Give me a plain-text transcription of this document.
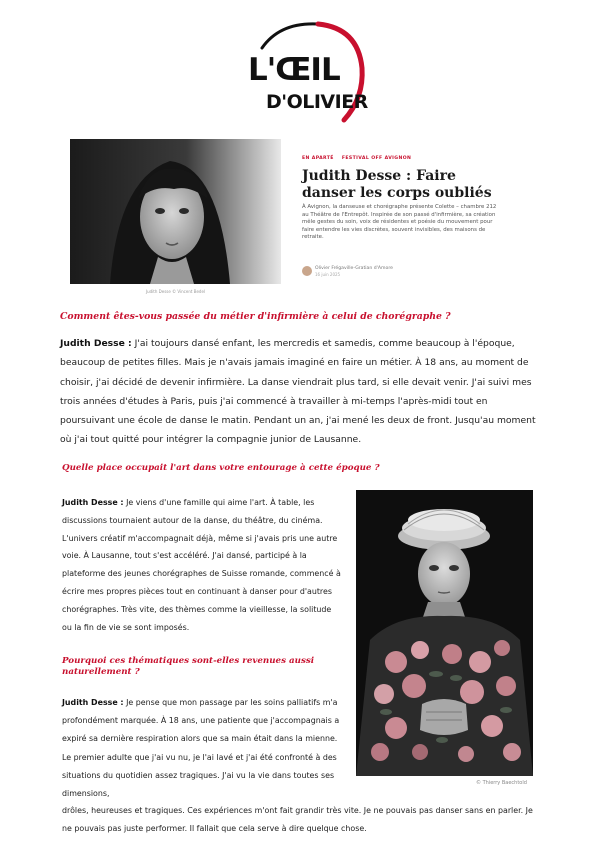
L'ŒIL
D'OLIVIER
Judith Desse © Vincent Bedel
EN APARTÉ FESTIVAL OFF AVIGNON
Judith Desse : Faire danser les corps oubliés

À Avignon, la danseuse et chorégraphe présente Colette – chambre 212 au Théâtre de l'Entrepôt. Inspirée de son passé d'infirmière, sa création mêle gestes du soin, voix de résidentes et poésie du mouvement pour faire entendre les vies discrètes, souvent invisibles, des maisons de retraite.

Olivier Frégaville-Gratian d'Amore
16 juin 2025

Comment êtes-vous passée du métier d'infirmière à celui de chorégraphe ?

Judith Desse : J'ai toujours dansé enfant, les mercredis et samedis, comme beaucoup à l'époque, beaucoup de petites filles. Mais je n'avais jamais imaginé en faire un métier. À 18 ans, au moment de choisir, j'ai décidé de devenir infirmière. La danse viendrait plus tard, si elle devait venir. J'ai suivi mes trois années d'études à Paris, puis j'ai commencé à travailler à mi-temps l'après-midi tout en poursuivant une école de danse le matin. Pendant un an, j'ai mené les deux de front. Jusqu'au moment où j'ai tout quitté pour intégrer la compagnie junior de Lausanne.

Quelle place occupait l'art dans votre entourage à cette époque ?

Judith Desse : Je viens d'une famille qui aime l'art. À table, les discussions tournaient autour de la danse, du théâtre, du cinéma. L'univers créatif m'accompagnait déjà, même si j'avais pris une autre voie. À Lausanne, tout s'est accéléré. J'ai dansé, participé à la plateforme des jeunes chorégraphes de Suisse romande, commencé à écrire mes propres pièces tout en continuant à danser pour d'autres chorégraphes. Très vite, des thèmes comme la vieillesse, la solitude ou la fin de vie se sont imposés.

Pourquoi ces thématiques sont-elles revenues aussi naturellement ?

Judith Desse : Je pense que mon passage par les soins palliatifs m'a profondément marquée. À 18 ans, une patiente que j'accompagnais a expiré sa dernière respiration alors que sa main était dans la mienne. Le premier adulte que j'ai vu nu, je l'ai lavé et j'ai été confronté à des situations du quotidien assez tragiques. J'ai vu la vie dans toutes ses dimensions,

drôles, heureuses et tragiques. Ces expériences m'ont fait grandir très vite. Je ne pouvais pas danser sans en parler. Je ne pouvais pas juste performer. Il fallait que cela serve à dire quelque chose.

© Thierry Baechtold
